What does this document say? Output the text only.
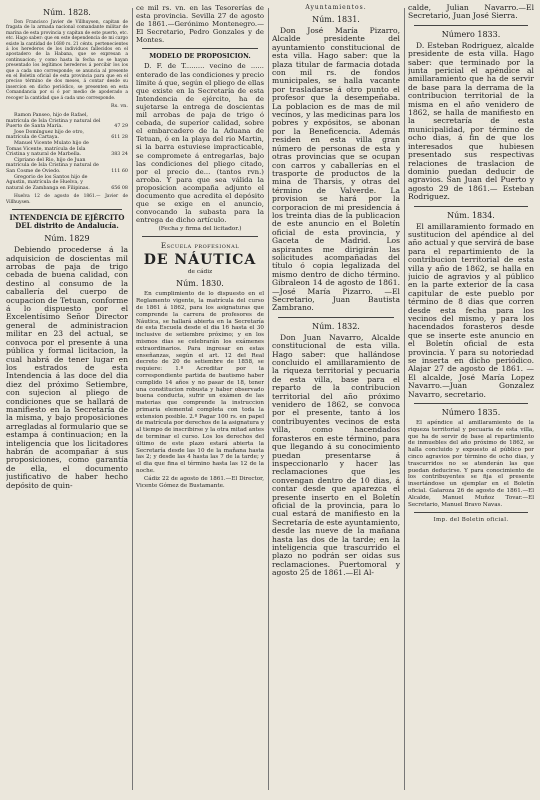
Núm. 1828.

Don Francisco Javier de Villhuysen, capitan de fragata de la armada nacional comandante militar de marina de esta provincia y capitan de este puerto, etc. etc. Hago saber: que en este dependencia de mi cargo existe la cantidad de 1680 rs. 21 cénts. pertenecientes á los herederos de los individuos fallecidos en el apostadero de la Habana, que se expresan a continuacion; y como hasta la fecha no se hayan presentado los legítimos herederos á percibir los los que a cada uno corresponde; se anuncia al presente en el Boletin oficial de esta provincia para que en el preciso término de dos meses, á contar desde su insercion en dicho periódico, se presenten en esta Comandancia por sí ó por medio de apoderado a recoger la cantidad que á cada uno corresponde.

Rs. vn.
Ramon Panseo, hijo de Rafael, matrícula de Isla Cristina y natural del Puerto de Santa María.	47 29
Jose Domínguez hijo de otro, matrícula de Cartaya.	611 28
Manuel Vicente Mulato hijo de Tomas Vicente, matrícula de Isla Cristina y natural de Marbella.	383 24
Cipriano del Rio, hijo de Juan matrícula de Isla Cristina y natural de San Cosme de Oviedo.	111 60
Gregorio de los Santos hijo de Agustin, matrícula de Huelva, y natural de Zambanga en Filipinas.	656 08

Huelva 12 de agosto de 1861.— Javier de Villhuysen.

INTENDENCIA DE EJÉRCITO DEL distrito de Andalucía.
Núm. 1829

Debiendo procederse á la adquisicion de doscientas mil arrobas de paja de trigo cebada de buena calidad, con destino al consumo de la caballería del cuerpo de ocupacion de Tetuan, conforme á lo dispuesto por el Excelentísimo Señor Director general de administracion militar en 23 del actual, se convoca por el presente á una pública y formal licitacion, la cual habrá de tener lugar en los estrados de esta Intendencia á las doce del dia diez del próximo Setiembre, con sujecion al pliego de condiciones que se hallará de manifiesto en la Secretaría de la misma, y bajo proposiciones arregladas al formulario que se estampa á continuacion; en la inteligencia que los licitadores habrán de acompañar á sus proposiciones, como garantía de ella, el documento justificativo de haber hecho depósito de quin-

ce mil rs. vn. en las Tesorerías de esta provincia. Sevilla 27 de agosto de 1861.—Gerónimo Montenegro.—El Secretario, Pedro Gonzales y de Montes.

MODELO DE PROPOSICION.

D. F. de T......... vecino de ...... enterado de las condiciones y precio límite á que, según el pliego de ellas que existe en la Secretaría de esta Intendencia de ejército, ha de sujetarse la entrega de doscientas mil arrobas de paja de trigo ó cebada, de superior calidad, sobre el embarcadero de la Aduana de Tetuan, ó en la playa del rio Martin, si la barra estuviese impracticable, se compromete á entregarlas, bajo las condiciones del pliego citado, por el precio de... (tantos rvn.) arroba. Y para que sea válida la proposicion acompaña adjunto el documento que acredita el depósito que se exige en el anuncio, convocando la subasta para la entrega de dicho artículo.

(Fecha y firma del licitador.)
Escuela profesional
DE NÁUTICA
de cádiz
Núm. 1830.

En cumplimiento de lo dispuesto en el Reglamento vigente, la matrícula del curso de 1861 á 1862, para los asignaturas que comprende la carrera de profesores de Náutica, se hallará abierta en la Secretaría de esta Escuela desde el dia 16 hasta el 30 inclusive de setiembre próximo; y en los mismos dias se celebrarán los exámenes extraordinarios. Para ingresar en estas enseñanzas, según el art. 12 del Real decreto de 20 de setiembre de 1858, se requiere: 1.º Acreditar por la correspondiente partida de bautismo haber cumplido 14 años y no pasar de 18, tener una constitucion robusta y haber observado buena conducta, sufrir un exámen de las materias que comprende la instruccion primaria elemental completa con toda la extension posible. 2.º Pagar 100 rs. en papel de matrícula por derechos de la asignatura y al tiempo de inscribirse y la otra mitad antes de terminar el curso. Los los derechos del último de este plazo estará abierta la Secretaría desde las 10 de la mañana hasta las 2; y desde las 4 hasta las 7 de la tarde; y el dia que fina el término hasta las 12 de la noche.

Cádiz 22 de agosto de 1861.—El Director, Vicente Gómez de Bustamante.

Ayuntamientos.
Núm. 1831.

Don José María Pizarro, Alcalde presidente del ayuntamiento constitucional de esta villa. Hago saber: que la plaza titular de farmacia dotada con mil rs. de fondos municipales, se halla vacante por trasladarse á otro punto el profesor que la desempeñaba. La poblacion es de mas de mil vecinos, y las medicinas para los pobres y expósitos, se abonan por la Beneficencia. Además residen en esta villa gran número de personas de esta y otras provincias que se ocupan con carros y caballerías en el trasporte de productos de la mina de Tharsis, y otras del término de Valverde. La provision se hará por la corporacion de mi presidencia á los treinta dias de la publicacion de este anuncio en el Boletín oficial de esta provincia, y Gaceta de Madrid. Los aspirantes me dirigirán las solicitudes acompañadas del título ó copia legalizada del mismo dentro de dicho término. Gibraleon 14 de agosto de 1861.—José María Pizarro. —El Secretario, Juan Bautista Zambrano.

Núm. 1832.

Don Juan Navarro, Alcalde constitucional de esta villa. Hago saber: que hallándose concluido el amillaramiento de la riqueza territorial y pecuaria de esta villa, base para el reparto de la contribucion territorial del año próximo venidero de 1862, se convoca por el presente, tanto á los contribuyentes vecinos de esta villa, como hacendados forasteros en este término, para que llegando á su conocimiento puedan presentarse á inspeccionarlo y hacer las reclamaciones que les convengan dentro de 10 dias, á contar desde que aparezca el presente inserto en el Boletín oficial de la provincia, para lo cual estará de manifiesto en la Secretaría de este ayuntamiento, desde las nueve de la mañana hasta las dos de la tarde; en la inteligencia que trascurrido el plazo no podrán ser oidas sus reclamaciones. Puertomoral y agosto 25 de 1861.—El Al-

calde, Julian Navarro.—El Secretario, Juan José Sierra.

Número 1833.

D. Esteban Rodriguez, alcalde presidente de esta villa. Hago saber: que terminado por la junta pericial el apéndice al amillaramiento que ha de servir de base para la derrama de la contribucion territorial de la misma en el año venidero de 1862, se halla de manifiesto en la secretaría de esta municipalidad, por término de ocho dias, á fin de que los interesados que hubiesen presentado sus respectivas relaciones de traslacion de dominio puedan deducir de agravios. San Juan del Puerto y agosto 29 de 1861.— Esteban Rodriguez.

Núm. 1834.

El amillaramiento formado en sustitucion del apéndice al del año actual y que servirá de base para el repartimiento de la contribucion territorial de esta villa y año de 1862, se halla en juicio de agravios y al público en la parte exterior de la casa capitular de este pueblo por término de 8 dias que corren desde esta fecha para los vecinos del mismo, y para los hacendados forasteros desde que se inserte este anuncio en el Boletín oficial de esta provincia. Y para su notoriedad se inserta en dicho periódico. Alajar 27 de agosto de 1861. —El alcalde, José María Lopez Navarro.—Juan Gonzalez Navarro, secretario.

Número 1835.

El apéndice al amillaramiento de la riqueza territorial y pecuaria de esta villa, que ha de servir de base al repartimiento de inmuebles del año próximo de 1862, se halla concluido y expuesto al público por cinco agravios por término de ocho dias, y trascurridos no se atenderán las que puedan deducirse. Y para conocimiento de los contribuyentes se fija el presente insertándose un ejemplar en el Boletín oficial. Galaroza 26 de agosto de 1861.—El Alcalde, Manuel Muñoz Tovar.—El Secretario, Manuel Bravo Navas.

Imp. del Boletin oficial.
